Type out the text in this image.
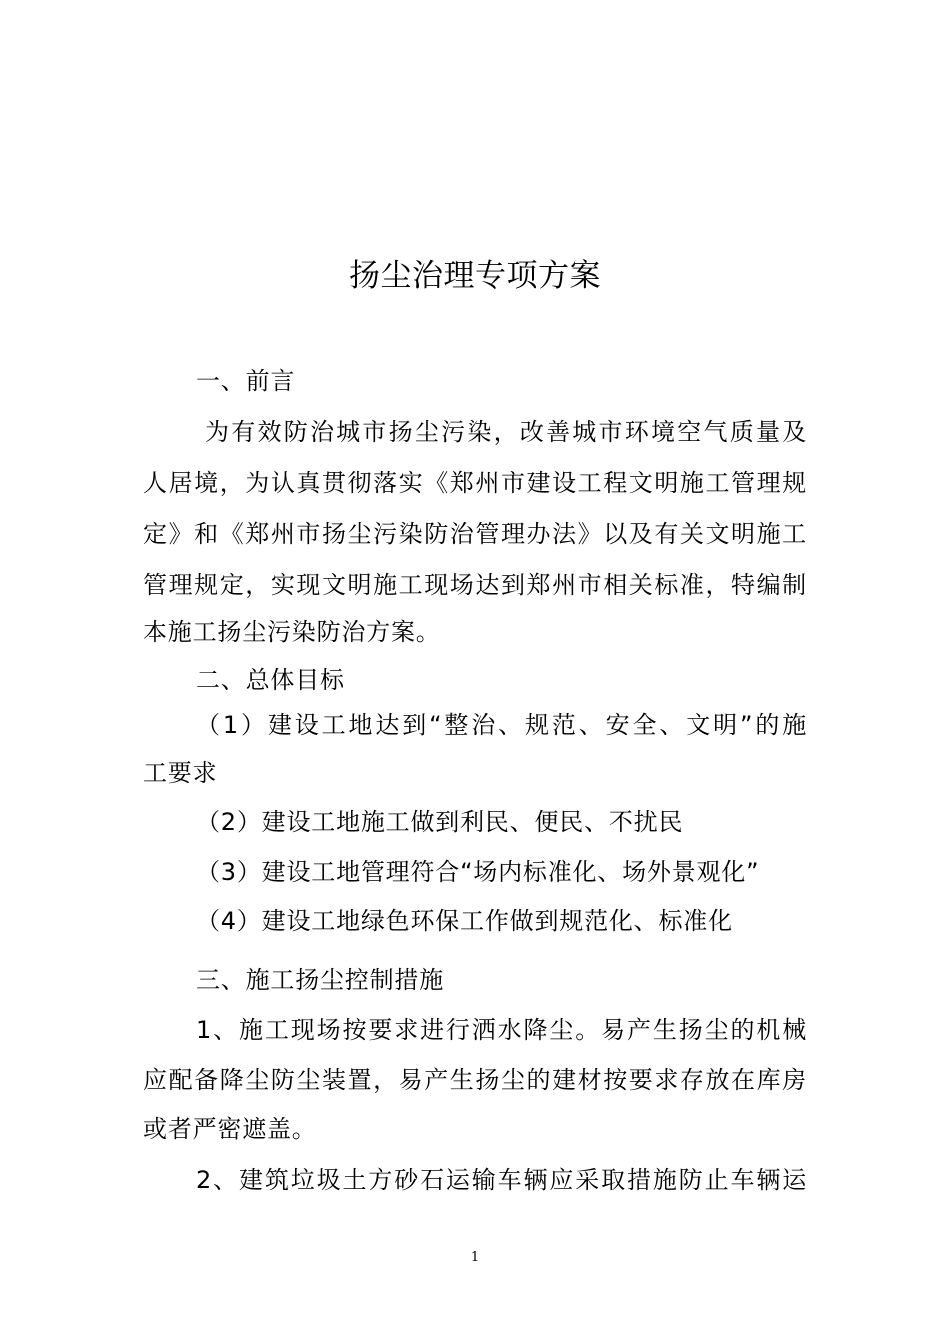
扬尘治理专项方案
一、前言
为有效防治城市扬尘污染，改善城市环境空气质量及
人居境，为认真贯彻落实《郑州市建设工程文明施工管理规
定》和《郑州市扬尘污染防治管理办法》以及有关文明施工
管理规定，实现文明施工现场达到郑州市相关标准，特编制
本施工扬尘污染防治方案。
二、总体目标
（1）建设工地达到“整治、规范、安全、文明”的施
工要求
（2）建设工地施工做到利民、便民、不扰民
（3）建设工地管理符合“场内标准化、场外景观化”
（4）建设工地绿色环保工作做到规范化、标准化
三、施工扬尘控制措施
1、施工现场按要求进行洒水降尘。易产生扬尘的机械
应配备降尘防尘装置，易产生扬尘的建材按要求存放在库房
或者严密遮盖。
2、建筑垃圾土方砂石运输车辆应采取措施防止车辆运
1
